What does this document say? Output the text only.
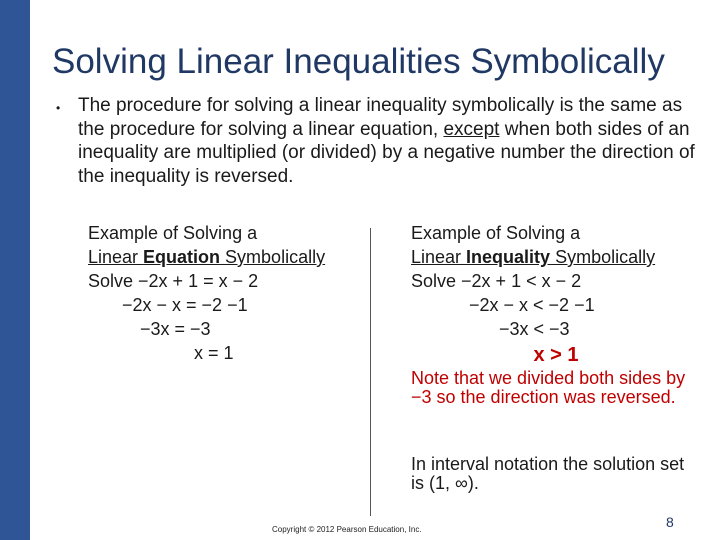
Solving Linear Inequalities Symbolically
• The procedure for solving a linear inequality symbolically is the same as the procedure for solving a linear equation, except when both sides of an inequality are multiplied (or divided) by a negative number the direction of the inequality is reversed.
Example of Solving a
Linear Equation Symbolically
Solve −2x + 1 = x − 2
−2x − x = −2 −1
−3x = −3
x = 1
Example of Solving a
Linear Inequality Symbolically
Solve −2x + 1 < x − 2
−2x − x < −2 −1
−3x < −3
x > 1
Note that we divided both sides by −3 so the direction was reversed.
In interval notation the solution set is (1, ∞).
Copyright © 2012 Pearson Education, Inc.	8
